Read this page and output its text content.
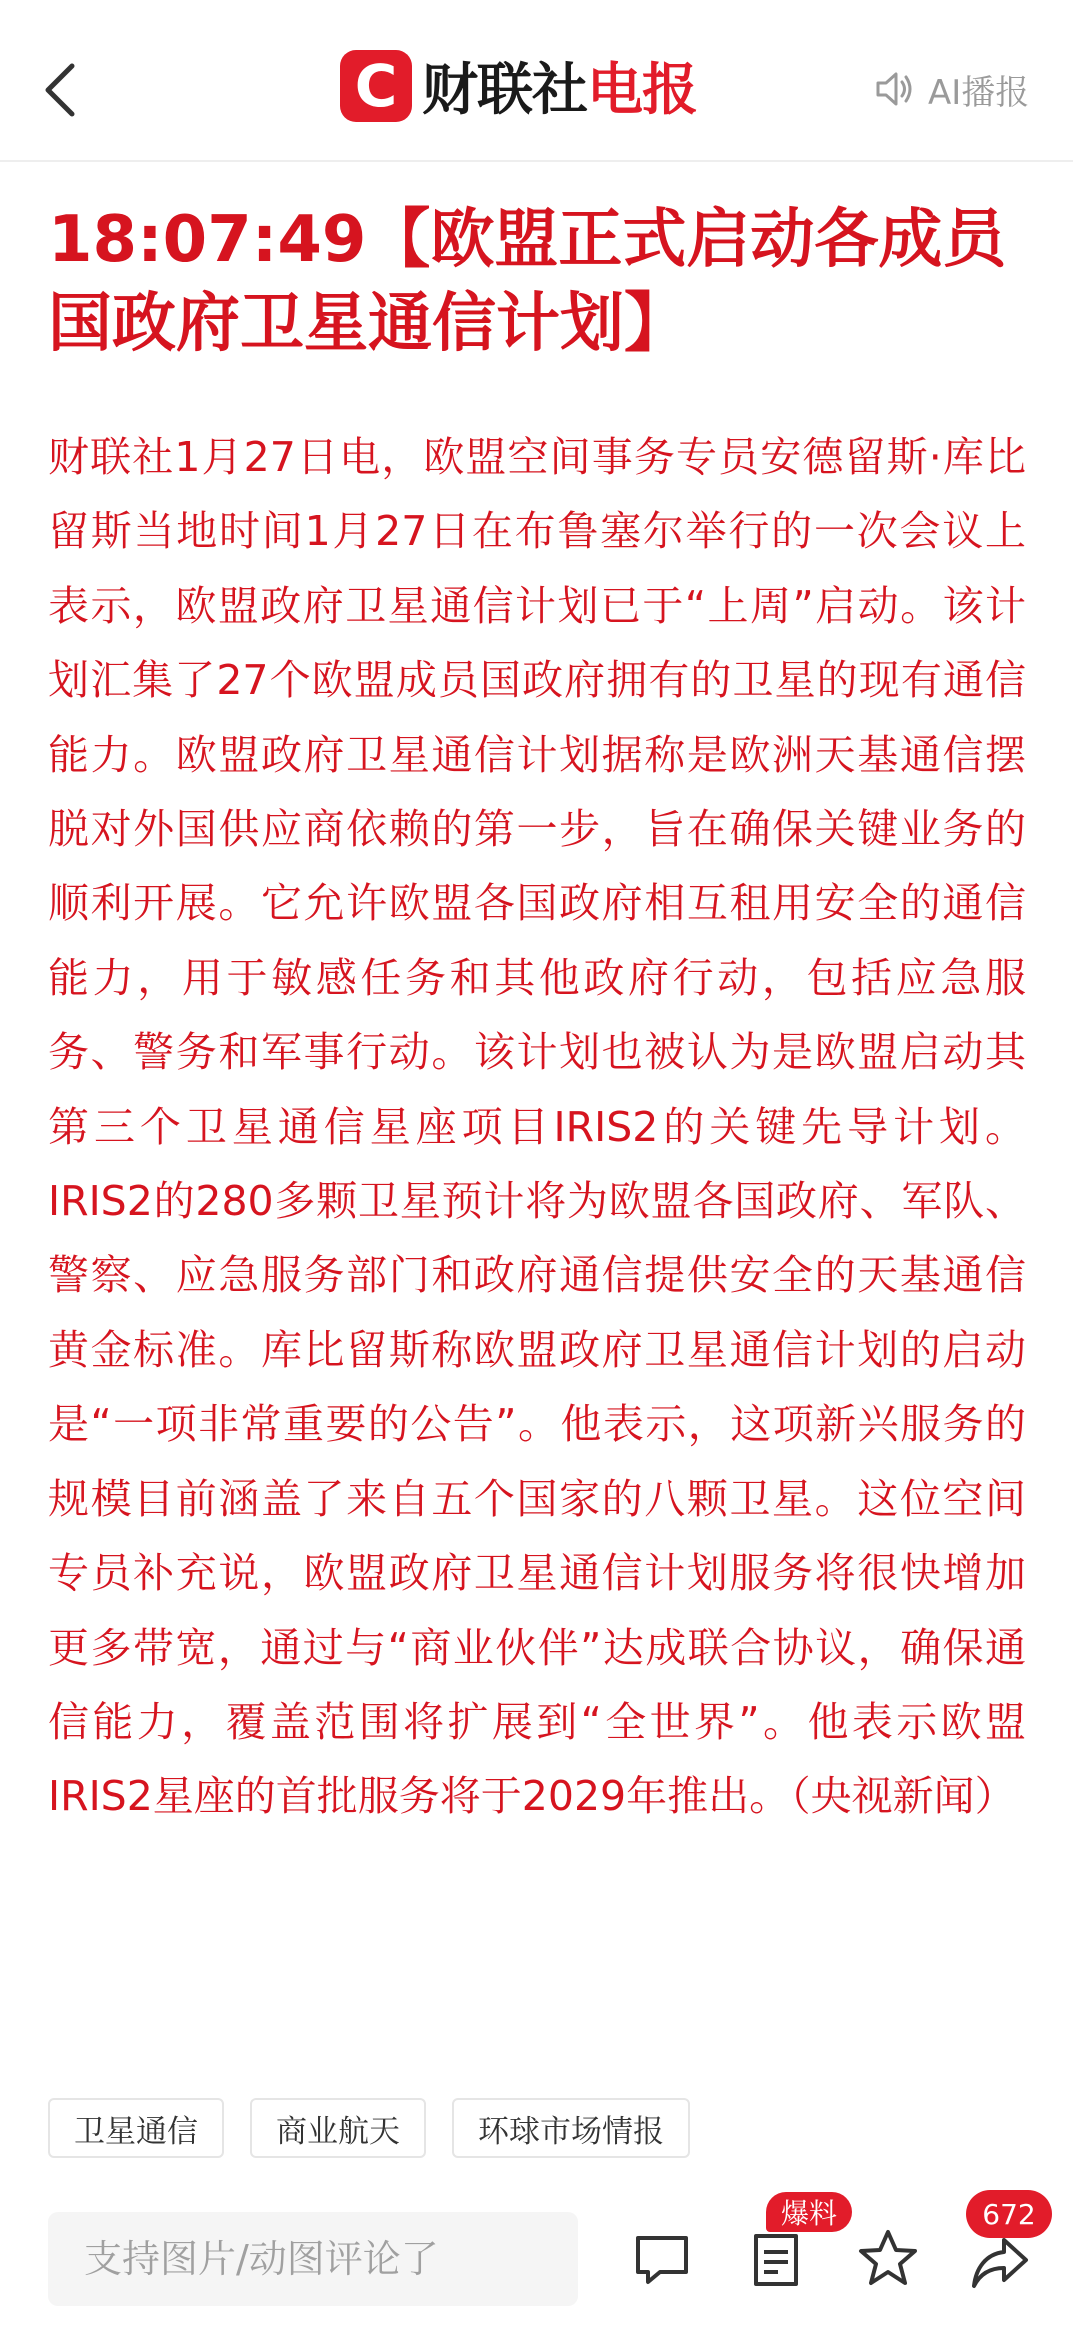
C 财联社 电报	AI播报
18:07:49【欧盟正式启动各成员国政府卫星通信计划】

财联社1月27日电，欧盟空间事务专员安德留斯·库比留斯当地时间1月27日在布鲁塞尔举行的一次会议上表示，欧盟政府卫星通信计划已于“上周”启动。该计划汇集了27个欧盟成员国政府拥有的卫星的现有通信能力。欧盟政府卫星通信计划据称是欧洲天基通信摆脱对外国供应商依赖的第一步，旨在确保关键业务的顺利开展。它允许欧盟各国政府相互租用安全的通信能力，用于敏感任务和其他政府行动，包括应急服务、警务和军事行动。该计划也被认为是欧盟启动其第三个卫星通信星座项目IRIS2的关键先导计划。IRIS2的280多颗卫星预计将为欧盟各国政府、军队、警察、应急服务部门和政府通信提供安全的天基通信黄金标准。库比留斯称欧盟政府卫星通信计划的启动是“一项非常重要的公告”。他表示，这项新兴服务的规模目前涵盖了来自五个国家的八颗卫星。这位空间专员补充说，欧盟政府卫星通信计划服务将很快增加更多带宽，通过与“商业伙伴”达成联合协议，确保通信能力，覆盖范围将扩展到“全世界”。他表示欧盟IRIS2星座的首批服务将于2029年推出。（央视新闻）

卫星通信	商业航天	环球市场情报
支持图片/动图评论了
爆料	672
